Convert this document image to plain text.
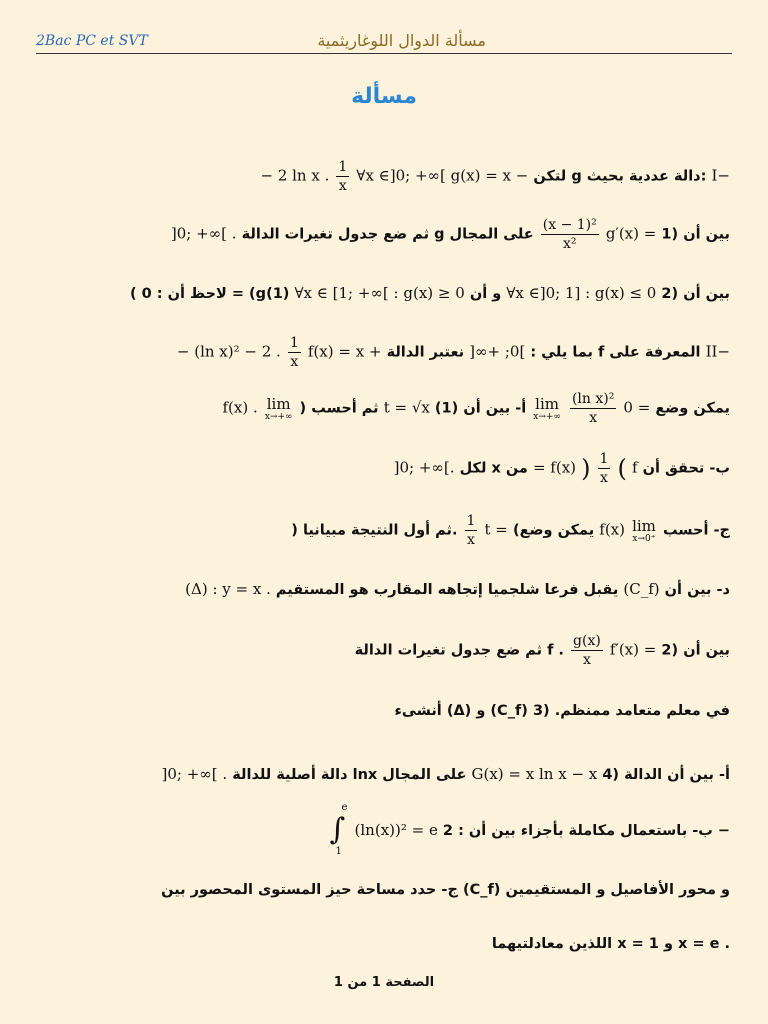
2Bac PC et SVT	مسألة الدوال اللوغاريثمية
مسألة
− 2 ln x . $\frac{1}{x}$ ∀x ∈]0; +∞[ g(x) = x − لتكن g دالة عددية بحيث: I−
]0; +∞[ . ثم ضع جدول تغيرات الدالة g على المجال $\frac{\text{(x − 1)²}}{\text{x²}} g'(x)$ = بين أن (1
( لاحظ أن : 0 = (g(1) ∀x ∈ [1; +∞[ : g(x) ≥ 0 و أن ∀x ∈]0; 1] : g(x) ≤ 0 بين أن (2
− (ln x)² − 2 . $\frac{1}{x} f(x) = x$ +	بما يلي : ]0; +∞[ نعتبر الدالة f المعرفة على II−
f(x) . lim
x→+∞ ) ثم أحسب t = √x (يمكن وضع = 0
$\frac{\text{(ln x)²}}{x}$

lim
x→+∞
أ- بين أن (1
]0; +∞[. لكل x من = f(x) ) $\frac{1}{x}$ ( f ب- تحقق أن
) ثم أول النتيجة مبيانيا. $\frac{1}{x}$ t = (يمكن وضع f(x) lim
x→0⁺ ج- أحسب
(Δ) : y = x . يقبل فرعا شلجميا إتجاهه المقارب هو المستقيم (C_f) د- بين أن
ثم ضع جدول تغيرات الدالة f . $\frac{g(x)}{x} f'(x)$ = بين أن (2
أنشىء (Δ) و (C_f) في معلم متعامد ممنظم. (3
]0; +∞[ . دالة أصلية للدالة lnx على المجال G(x) = x ln x − x أ- بين أن الدالة (4
∫
e
1
(ln(x))² = e ب- باستعمال مكاملة بأجزاء بين أن : 2 −
ج- حدد مساحة حيز المستوى المحصور بين (C_f) و محور الأفاصيل و المستقيمين
اللذين معادلتيهما x = 1 و x = e .
الصفحة 1 من 1
